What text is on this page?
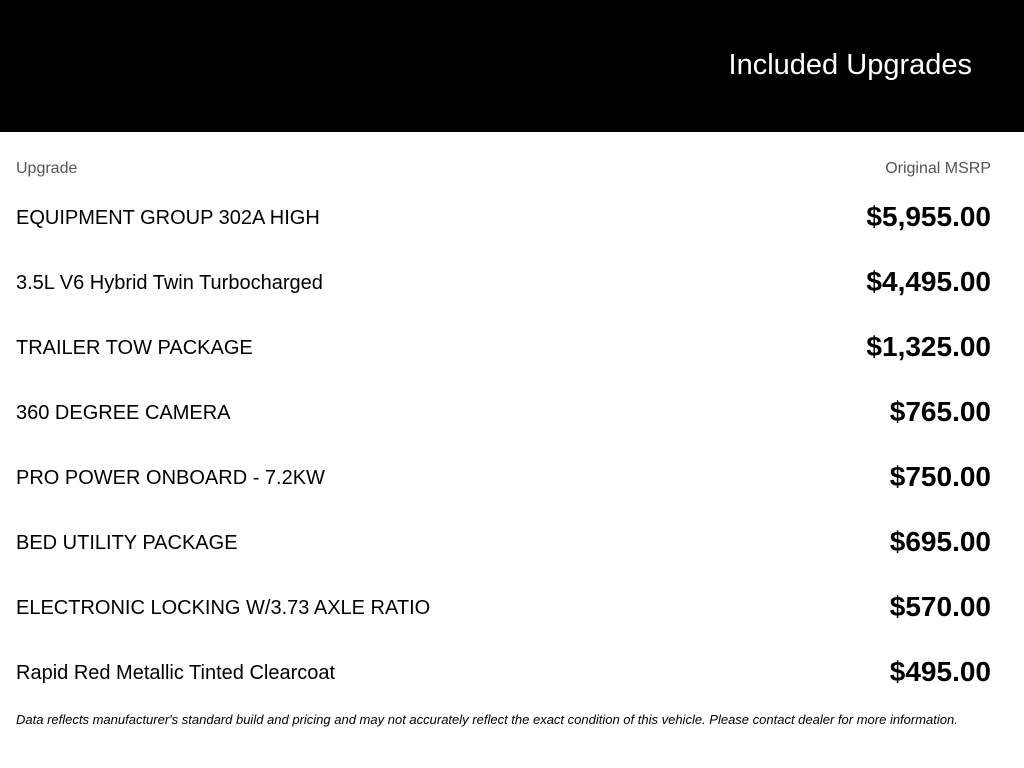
Included Upgrades
Upgrade	Original MSRP
EQUIPMENT GROUP 302A HIGH	$5,955.00
3.5L V6 Hybrid Twin Turbocharged	$4,495.00
TRAILER TOW PACKAGE	$1,325.00
360 DEGREE CAMERA	$765.00
PRO POWER ONBOARD - 7.2KW	$750.00
BED UTILITY PACKAGE	$695.00
ELECTRONIC LOCKING W/3.73 AXLE RATIO	$570.00
Rapid Red Metallic Tinted Clearcoat	$495.00
Data reflects manufacturer's standard build and pricing and may not accurately reflect the exact condition of this vehicle. Please contact dealer for more information.
